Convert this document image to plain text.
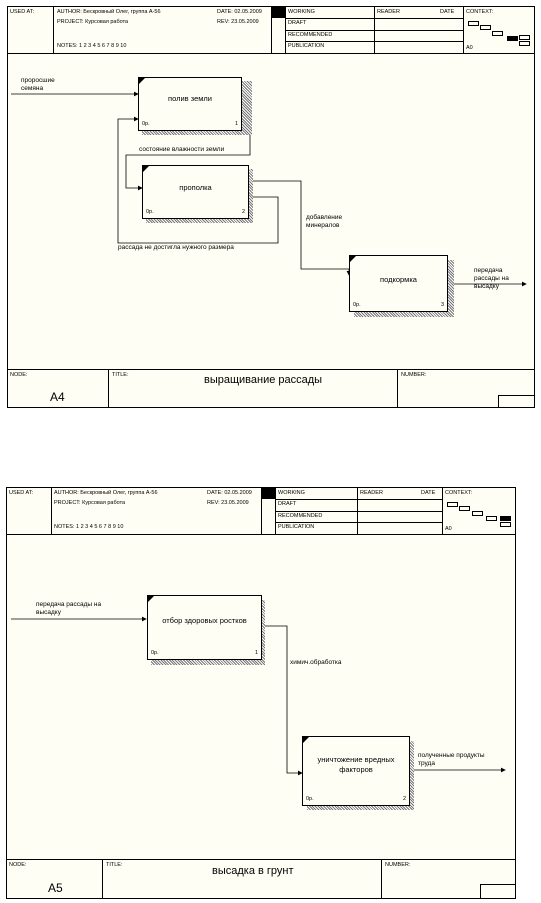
USED AT:	AUTHOR: Бескровный Олег, группа А-56
PROJECT: Курсовая работа
NOTES: 1 2 3 4 5 6 7 8 9 10
DATE: 02.05.2009
REV: 23.05.2009
WORKING
DRAFT
RECOMMENDED
PUBLICATION
READER	DATE CONTEXT:
A0
полив земли
0р.	1
прополка
0р.	2
подкормка
0р.	3
проросшие семяна
состояние влажности земли
добавление минералов
рассада не достигла нужного размера
передача рассады на высадку
NODE:
A4
TITLE:	выращивание рассады	NUMBER:
USED AT:	AUTHOR: Бескровный Олег, группа А-56
PROJECT: Курсовая работа
NOTES: 1 2 3 4 5 6 7 8 9 10
DATE: 02.05.2009
REV: 23.05.2009
WORKING
DRAFT
RECOMMENDED
PUBLICATION
READER	DATE CONTEXT:
A0
отбор здоровых ростков
0р.	1
уничтожение вредных факторов
0р.	2
передача рассады на высадку
химич.обработка
полученные продукты труда
NODE:
A5
TITLE:	высадка в грунт	NUMBER:
